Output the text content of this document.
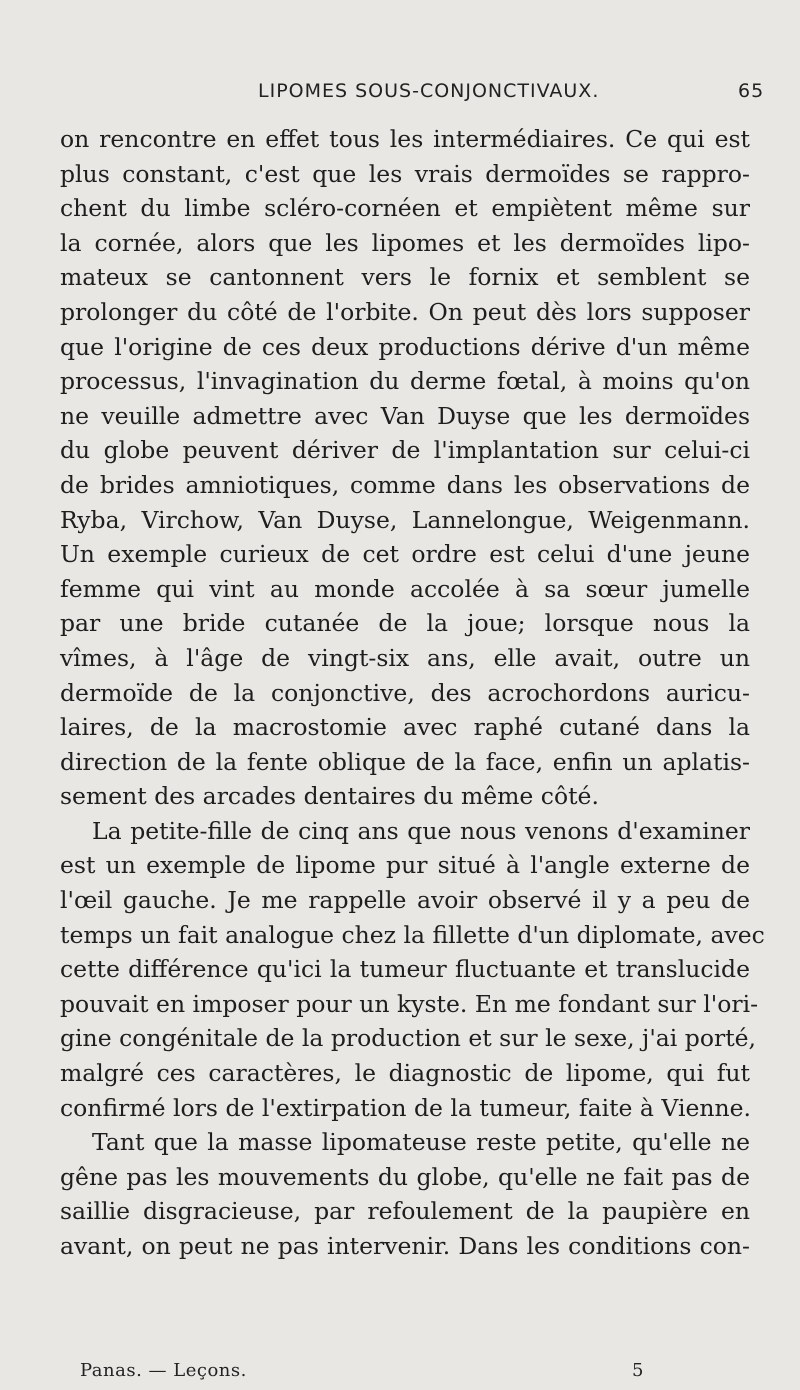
LIPOMES SOUS-CONJONCTIVAUX.	65
on rencontre en effet tous les intermédiaires. Ce qui est
plus constant, c'est que les vrais dermoïdes se rappro-
chent du limbe scléro-cornéen et empiètent même sur
la cornée, alors que les lipomes et les dermoïdes lipo-
mateux se cantonnent vers le fornix et semblent se
prolonger du côté de l'orbite. On peut dès lors supposer
que l'origine de ces deux productions dérive d'un même
processus, l'invagination du derme fœtal, à moins qu'on
ne veuille admettre avec Van Duyse que les dermoïdes
du globe peuvent dériver de l'implantation sur celui-ci
de brides amniotiques, comme dans les observations de
Ryba, Virchow, Van Duyse, Lannelongue, Weigenmann.
Un exemple curieux de cet ordre est celui d'une jeune
femme qui vint au monde accolée à sa sœur jumelle
par une bride cutanée de la joue; lorsque nous la
vîmes, à l'âge de vingt-six ans, elle avait, outre un
dermoïde de la conjonctive, des acrochordons auricu-
laires, de la macrostomie avec raphé cutané dans la
direction de la fente oblique de la face, enfin un aplatis-
sement des arcades dentaires du même côté.
La petite-fille de cinq ans que nous venons d'examiner
est un exemple de lipome pur situé à l'angle externe de
l'œil gauche. Je me rappelle avoir observé il y a peu de
temps un fait analogue chez la fillette d'un diplomate, avec
cette différence qu'ici la tumeur fluctuante et translucide
pouvait en imposer pour un kyste. En me fondant sur l'ori-
gine congénitale de la production et sur le sexe, j'ai porté,
malgré ces caractères, le diagnostic de lipome, qui fut
confirmé lors de l'extirpation de la tumeur, faite à Vienne.
Tant que la masse lipomateuse reste petite, qu'elle ne
gêne pas les mouvements du globe, qu'elle ne fait pas de
saillie disgracieuse, par refoulement de la paupière en
avant, on peut ne pas intervenir. Dans les conditions con-
Panas. — Leçons.	5
